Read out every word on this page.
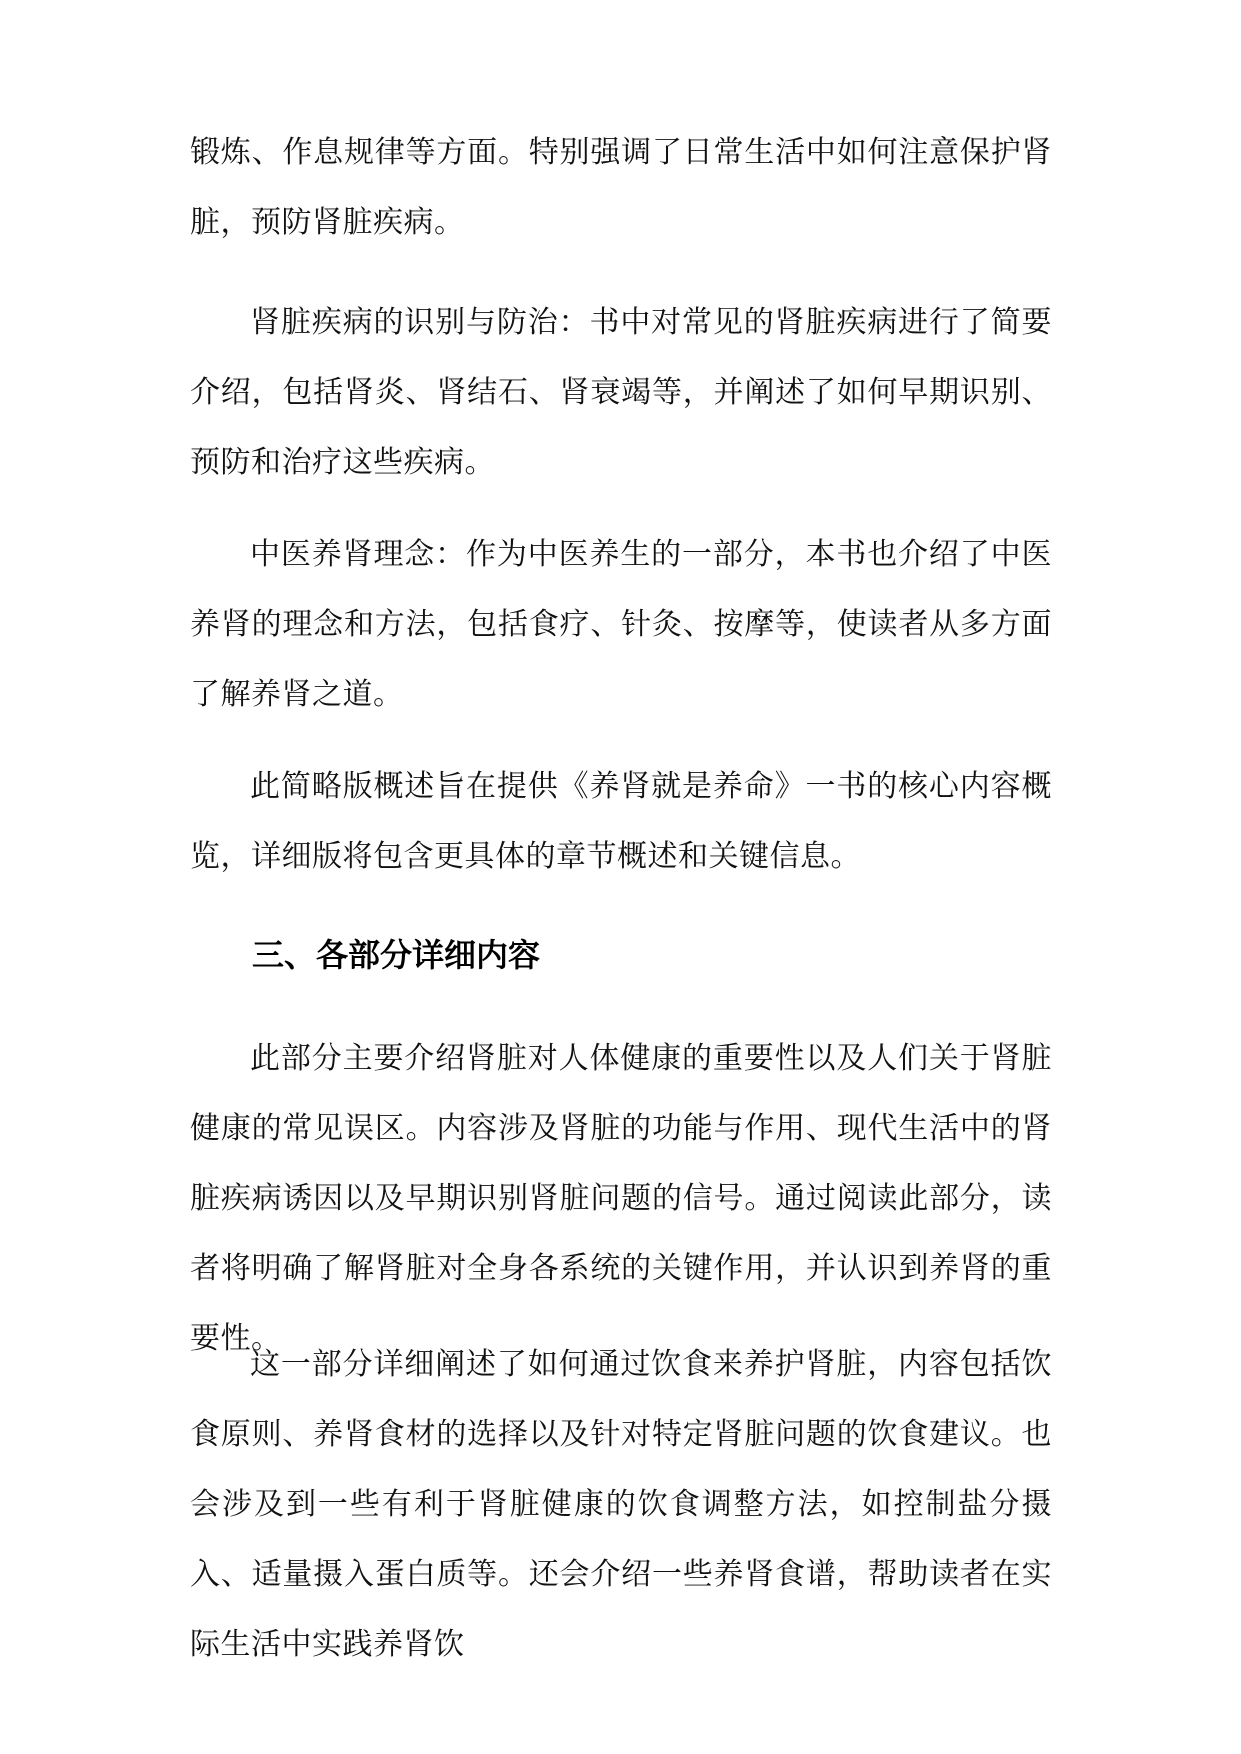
锻炼、作息规律等方面。特别强调了日常生活中如何注意保护肾脏，预防肾脏疾病。

肾脏疾病的识别与防治：书中对常见的肾脏疾病进行了简要介绍，包括肾炎、肾结石、肾衰竭等，并阐述了如何早期识别、预防和治疗这些疾病。

中医养肾理念：作为中医养生的一部分，本书也介绍了中医养肾的理念和方法，包括食疗、针灸、按摩等，使读者从多方面了解养肾之道。

此简略版概述旨在提供《养肾就是养命》一书的核心内容概览，详细版将包含更具体的章节概述和关键信息。

三、各部分详细内容

此部分主要介绍肾脏对人体健康的重要性以及人们关于肾脏健康的常见误区。内容涉及肾脏的功能与作用、现代生活中的肾脏疾病诱因以及早期识别肾脏问题的信号。通过阅读此部分，读者将明确了解肾脏对全身各系统的关键作用，并认识到养肾的重要性。

这一部分详细阐述了如何通过饮食来养护肾脏，内容包括饮食原则、养肾食材的选择以及针对特定肾脏问题的饮食建议。也会涉及到一些有利于肾脏健康的饮食调整方法，如控制盐分摄入、适量摄入蛋白质等。还会介绍一些养肾食谱，帮助读者在实际生活中实践养肾饮
